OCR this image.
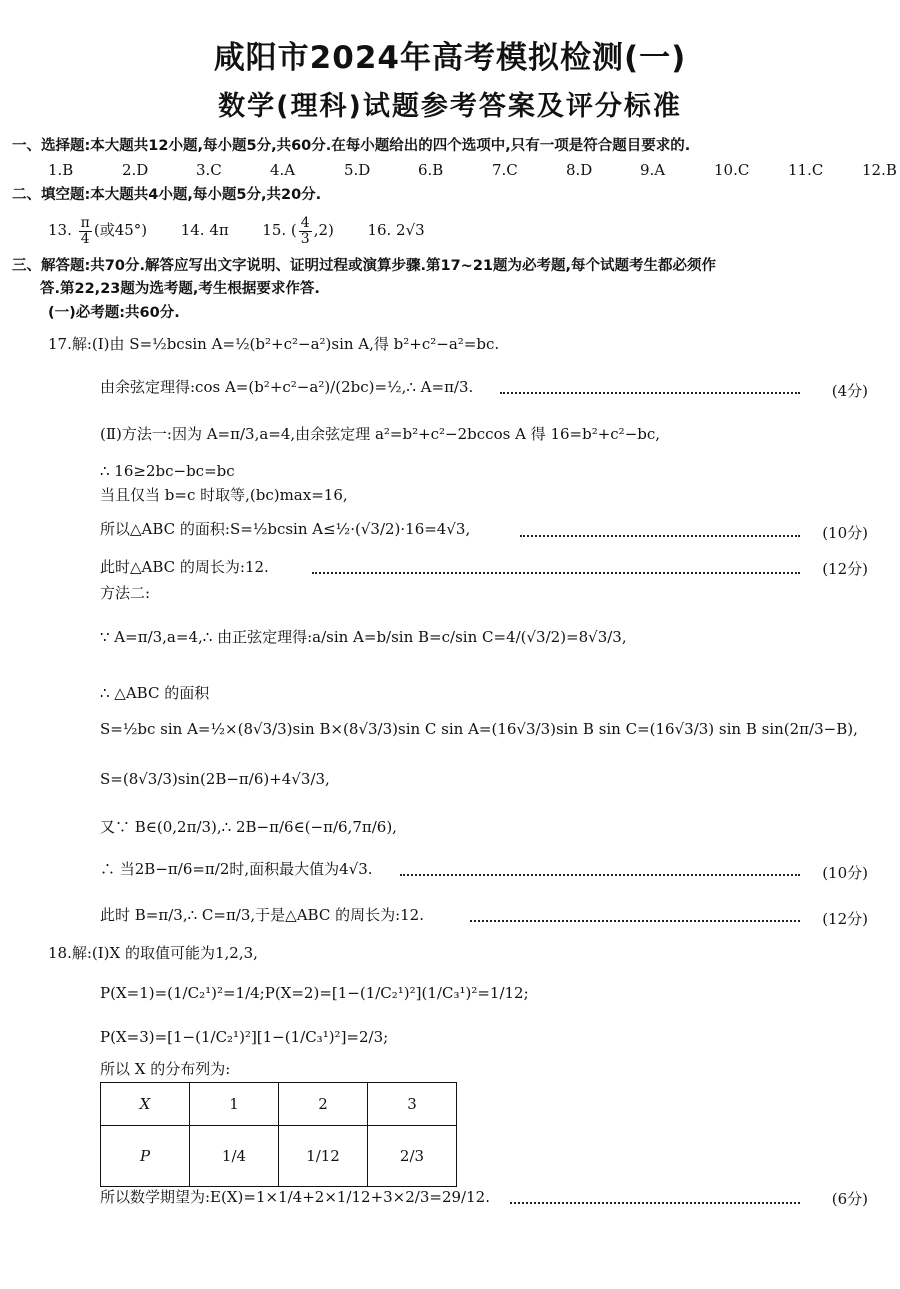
咸阳市2024年高考模拟检测(一)
数学(理科)试题参考答案及评分标准
一、选择题:本大题共12小题,每小题5分,共60分.在每小题给出的四个选项中,只有一项是符合题目要求的.
1.B	2.D	3.C	4.A	5.D	6.B	7.C	8.D	9.A	10.C	11.C	12.B
二、填空题:本大题共4小题,每小题5分,共20分.
13. $\frac{\pi}{4}$ (或45°) 14. 4π 15. ( $\frac{4}{3} ,2$) 16. 2√3
三、解答题:共70分.解答应写出文字说明、证明过程或演算步骤.第17~21题为必考题,每个试题考生都必须作
答.第22,23题为选考题,考生根据要求作答.
(一)必考题:共60分.
17.解:(Ⅰ)由 S=½bcsin A=½(b²+c²−a²)sin A,得 b²+c²−a²=bc.
由余弦定理得:cos A=(b²+c²−a²)/(2bc)=½,∴ A=π/3.	(4分)
(Ⅱ)方法一:因为 A=π/3,a=4,由余弦定理 a²=b²+c²−2bccos A 得 16=b²+c²−bc,
∴ 16≥2bc−bc=bc
当且仅当 b=c 时取等,(bc)max=16,
所以△ABC 的面积:S=½bcsin A≤½·(√3/2)·16=4√3,	(10分)
此时△ABC 的周长为:12.	(12分)
方法二:
∵ A=π/3,a=4,∴ 由正弦定理得:a/sin A=b/sin B=c/sin C=4/(√3/2)=8√3/3,
∴ △ABC 的面积
S=½bc sin A=½×(8√3/3)sin B×(8√3/3)sin C sin A=(16√3/3)sin B sin C=(16√3/3) sin B sin(2π/3−B),
S=(8√3/3)sin(2B−π/6)+4√3/3,
又∵ B∈(0,2π/3),∴ 2B−π/6∈(−π/6,7π/6),
∴ 当2B−π/6=π/2时,面积最大值为4√3.	(10分)
此时 B=π/3,∴ C=π/3,于是△ABC 的周长为:12.	(12分)
18.解:(Ⅰ)X 的取值可能为1,2,3,
P(X=1)=(1/C₂¹)²=1/4;P(X=2)=[1−(1/C₂¹)²](1/C₃¹)²=1/12;
P(X=3)=[1−(1/C₂¹)²][1−(1/C₃¹)²]=2/3;
所以 X 的分布列为:
X	1	2	3
P	1/4	1/12	2/3
所以数学期望为:E(X)=1×1/4+2×1/12+3×2/3=29/12.	(6分)
